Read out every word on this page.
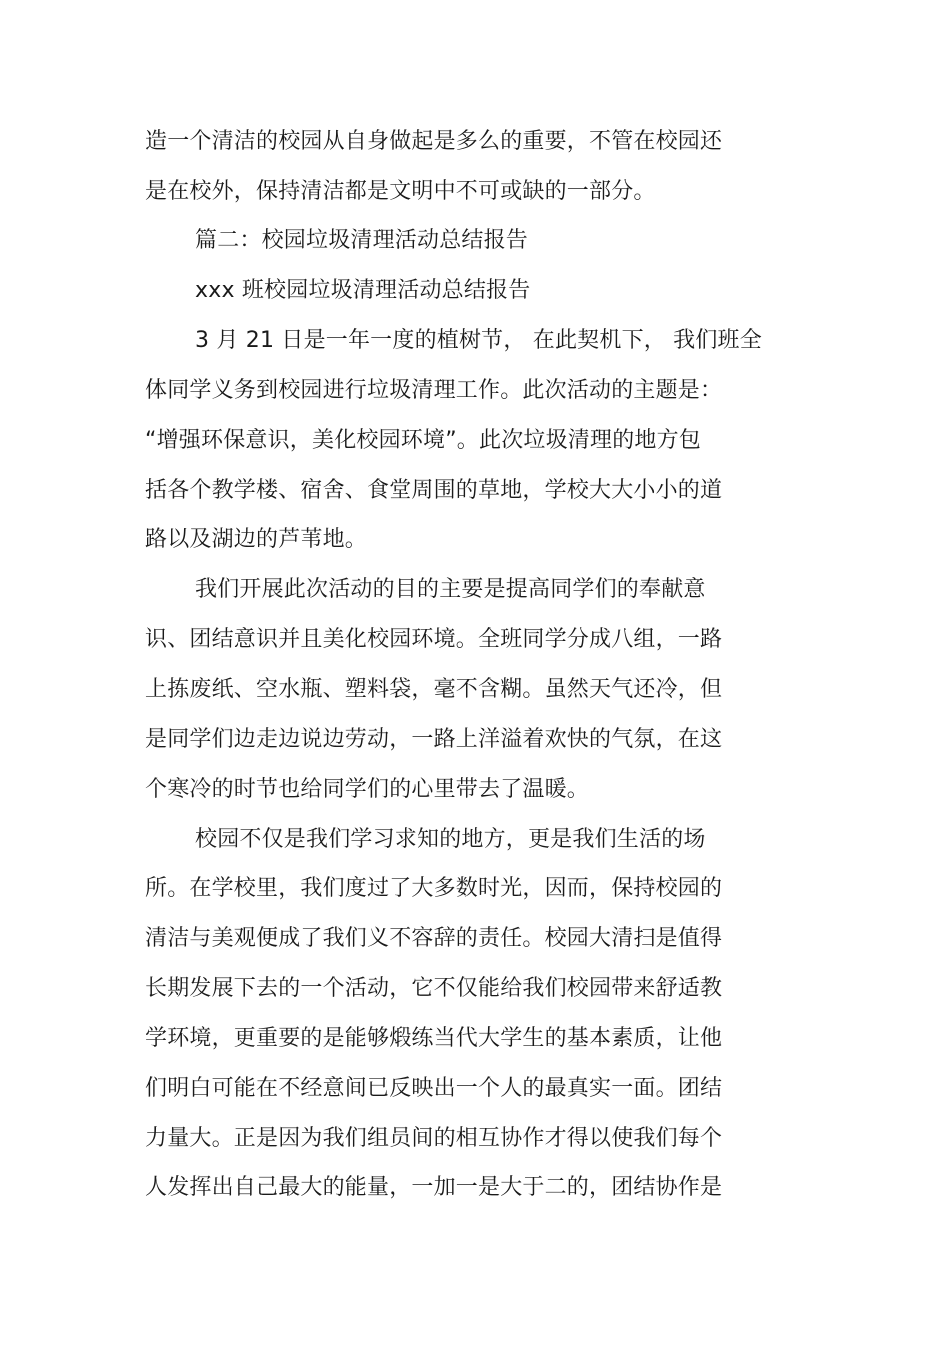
造一个清洁的校园从自身做起是多么的重要，不管在校园还
是在校外，保持清洁都是文明中不可或缺的一部分。
篇二：校园垃圾清理活动总结报告
xxx 班校园垃圾清理活动总结报告
3 月 21 日是一年一度的植树节， 在此契机下， 我们班全
体同学义务到校园进行垃圾清理工作。此次活动的主题是：
“增强环保意识，美化校园环境”。此次垃圾清理的地方包
括各个教学楼、宿舍、食堂周围的草地，学校大大小小的道
路以及湖边的芦苇地。
我们开展此次活动的目的主要是提高同学们的奉献意
识、团结意识并且美化校园环境。全班同学分成八组，一路
上拣废纸、空水瓶、塑料袋，毫不含糊。虽然天气还冷，但
是同学们边走边说边劳动，一路上洋溢着欢快的气氛，在这
个寒冷的时节也给同学们的心里带去了温暖。
校园不仅是我们学习求知的地方，更是我们生活的场
所。在学校里，我们度过了大多数时光，因而，保持校园的
清洁与美观便成了我们义不容辞的责任。校园大清扫是值得
长期发展下去的一个活动，它不仅能给我们校园带来舒适教
学环境，更重要的是能够煅练当代大学生的基本素质，让他
们明白可能在不经意间已反映出一个人的最真实一面。团结
力量大。正是因为我们组员间的相互协作才得以使我们每个
人发挥出自己最大的能量，一加一是大于二的，团结协作是
